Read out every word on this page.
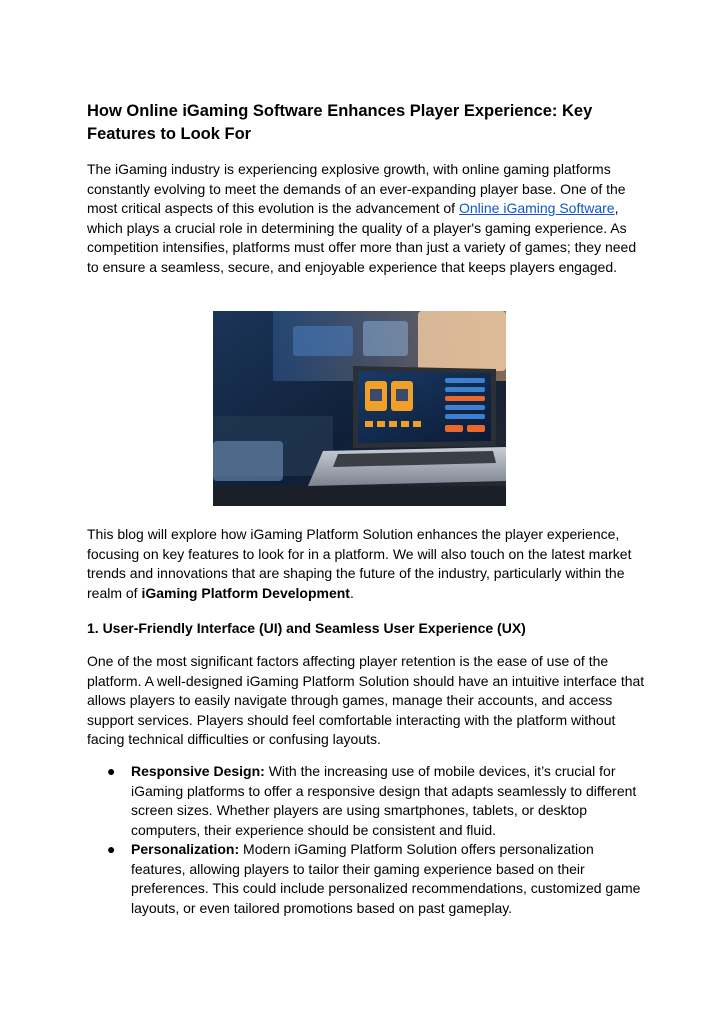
How Online iGaming Software Enhances Player Experience: Key Features to Look For

The iGaming industry is experiencing explosive growth, with online gaming platforms constantly evolving to meet the demands of an ever-expanding player base. One of the most critical aspects of this evolution is the advancement of Online iGaming Software, which plays a crucial role in determining the quality of a player's gaming experience. As competition intensifies, platforms must offer more than just a variety of games; they need to ensure a seamless, secure, and enjoyable experience that keeps players engaged.

This blog will explore how iGaming Platform Solution enhances the player experience, focusing on key features to look for in a platform. We will also touch on the latest market trends and innovations that are shaping the future of the industry, particularly within the realm of iGaming Platform Development.

1. User-Friendly Interface (UI) and Seamless User Experience (UX)

One of the most significant factors affecting player retention is the ease of use of the platform. A well-designed iGaming Platform Solution should have an intuitive interface that allows players to easily navigate through games, manage their accounts, and access support services. Players should feel comfortable interacting with the platform without facing technical difficulties or confusing layouts.

● Responsive Design: With the increasing use of mobile devices, it’s crucial for iGaming platforms to offer a responsive design that adapts seamlessly to different screen sizes. Whether players are using smartphones, tablets, or desktop computers, their experience should be consistent and fluid.
● Personalization: Modern iGaming Platform Solution offers personalization features, allowing players to tailor their gaming experience based on their preferences. This could include personalized recommendations, customized game layouts, or even tailored promotions based on past gameplay.
